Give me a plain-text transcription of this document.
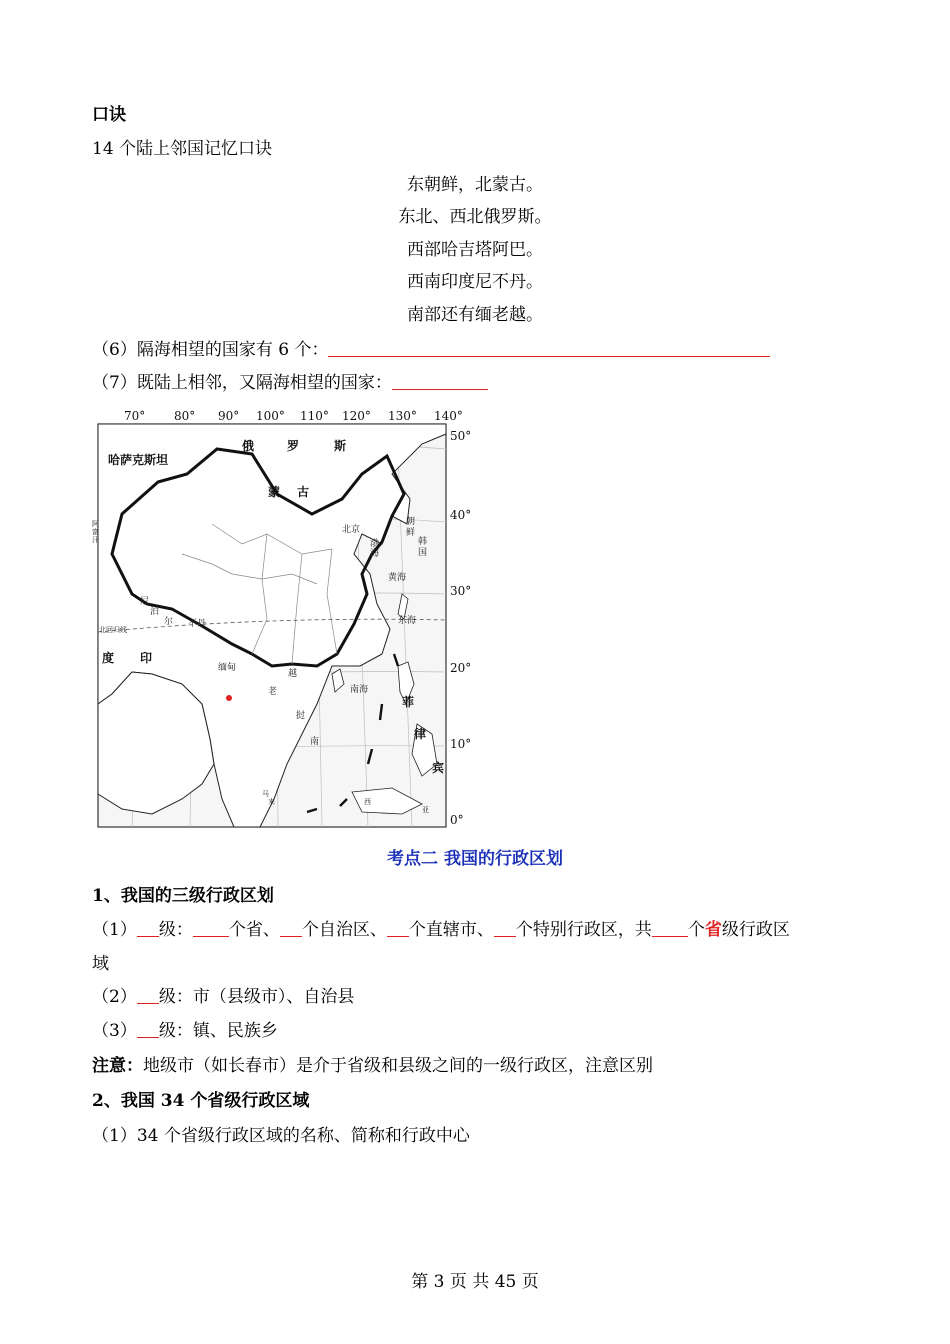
口诀
14 个陆上邻国记忆口诀
东朝鲜，北蒙古。
东北、西北俄罗斯。
西部哈吉塔阿巴。
西南印度尼不丹。
南部还有缅老越。
（6）隔海相望的国家有 6 个：
（7）既陆上相邻，又隔海相望的国家：
70° 80° 90° 100° 110° 120° 130° 140°
50°
40°
30°
20°
10°
0°
俄	罗	斯
哈萨克斯坦
蒙 古
印
度
菲
律
宾
北京
渤
海
朝
鲜
韩
国
黄海
东海
南海
尼
泊
尔 不丹
缅甸
越
南
老
挝
北回归线
马
来	西
亚
阿
富
汗
考点二 我国的行政区划
1、我国的三级行政区划
（1） 级： 个省、 个自治区、 个直辖市、 个特别行政区，共 个省级行政区
域
（2） 级：市（县级市）、自治县
（3） 级：镇、民族乡
注意：地级市（如长春市）是介于省级和县级之间的一级行政区，注意区别
2、我国 34 个省级行政区域
（1）34 个省级行政区域的名称、简称和行政中心
第 3 页 共 45 页
